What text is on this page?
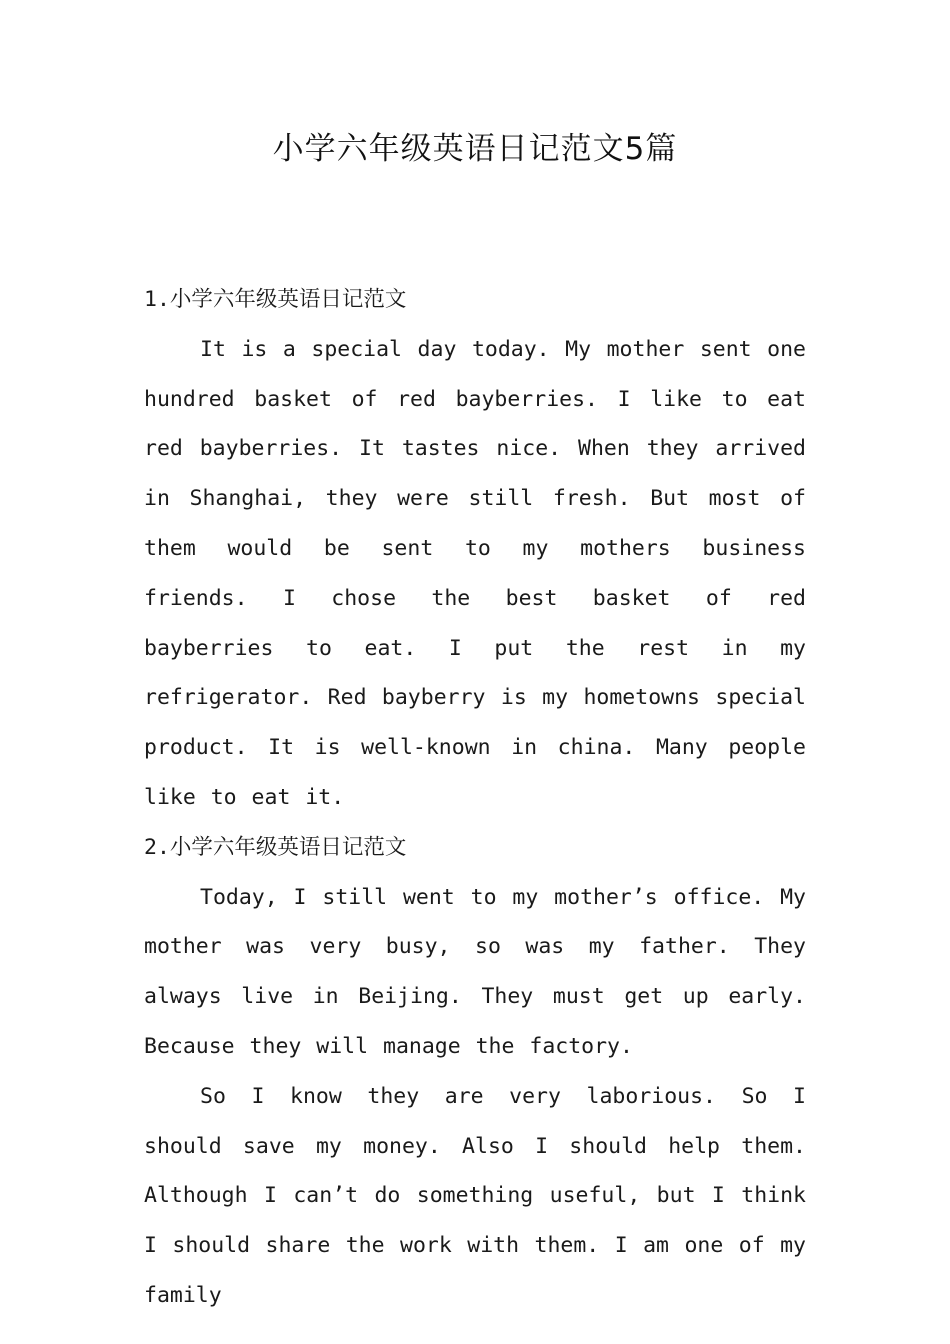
小学六年级英语日记范文5篇
1.小学六年级英语日记范文

It is a special day today. My mother sent one hundred basket of red bayberries. I like to eat red bayberries. It tastes nice. When they arrived in Shanghai, they were still fresh. But most of them would be sent to my mothers business friends. I chose the best basket of red bayberries to eat. I put the rest in my refrigerator. Red bayberry is my hometowns special product. It is well-known in china. Many people like to eat it.

2.小学六年级英语日记范文

Today, I still went to my mother’s office. My mother was very busy, so was my father. They always live in Beijing. They must get up early. Because they will manage the factory.

So I know they are very laborious. So I should save my money. Also I should help them. Although I can’t do something useful, but I think I should share the work with them. I am one of my family
